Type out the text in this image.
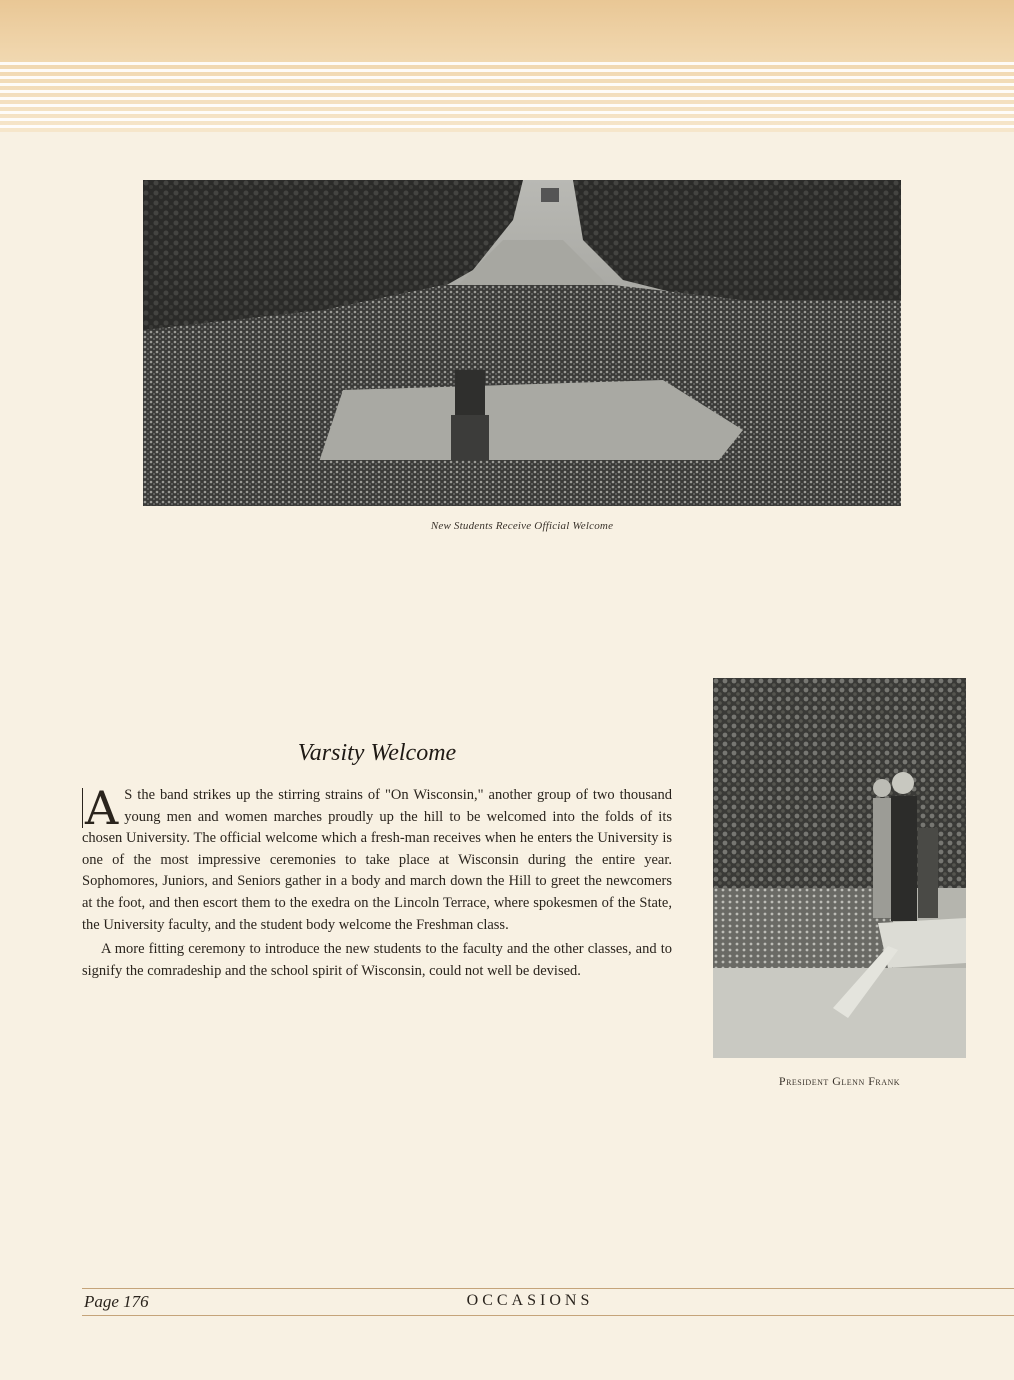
New Students Receive Official Welcome
President Glenn Frank
Varsity Welcome

A S the band strikes up the stirring strains of "On Wisconsin," another group of two thousand young men and women marches proudly up the hill to be welcomed into the folds of its chosen University. The official welcome which a fresh-man receives when he enters the University is one of the most impressive ceremonies to take place at Wisconsin during the entire year. Sophomores, Juniors, and Seniors gather in a body and march down the Hill to greet the newcomers at the foot, and then escort them to the exedra on the Lincoln Terrace, where spokesmen of the State, the University faculty, and the student body welcome the Freshman class.

A more fitting ceremony to introduce the new students to the faculty and the other classes, and to signify the comradeship and the school spirit of Wisconsin, could not well be devised.

Page 176	OCCASIONS
